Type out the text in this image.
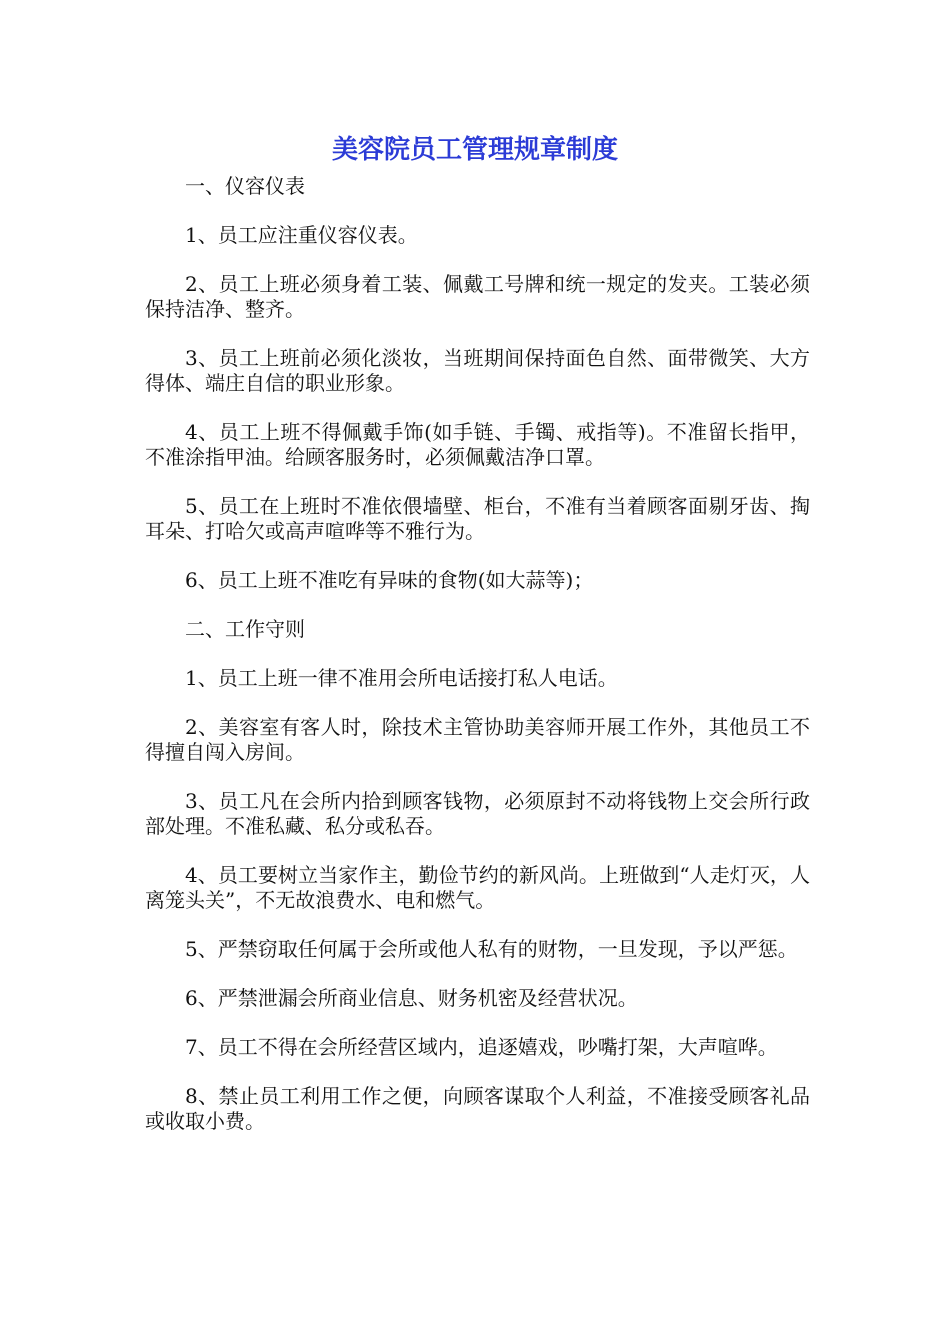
美容院员工管理规章制度

一、仪容仪表

1、员工应注重仪容仪表。

2、员工上班必须身着工装、佩戴工号牌和统一规定的发夹。工装必须保持洁净、整齐。

3、员工上班前必须化淡妆，当班期间保持面色自然、面带微笑、大方得体、端庄自信的职业形象。

4、员工上班不得佩戴手饰(如手链、手镯、戒指等)。不准留长指甲，不准涂指甲油。给顾客服务时，必须佩戴洁净口罩。

5、员工在上班时不准依偎墙壁、柜台，不准有当着顾客面剔牙齿、掏耳朵、打哈欠或高声喧哗等不雅行为。

6、员工上班不准吃有异味的食物(如大蒜等)；

二、工作守则

1、员工上班一律不准用会所电话接打私人电话。

2、美容室有客人时，除技术主管协助美容师开展工作外，其他员工不得擅自闯入房间。

3、员工凡在会所内拾到顾客钱物，必须原封不动将钱物上交会所行政部处理。不准私藏、私分或私吞。

4、员工要树立当家作主，勤俭节约的新风尚。上班做到“人走灯灭，人离笼头关”，不无故浪费水、电和燃气。

5、严禁窃取任何属于会所或他人私有的财物，一旦发现，予以严惩。

6、严禁泄漏会所商业信息、财务机密及经营状况。

7、员工不得在会所经营区域内，追逐嬉戏，吵嘴打架，大声喧哗。

8、禁止员工利用工作之便，向顾客谋取个人利益，不准接受顾客礼品或收取小费。
